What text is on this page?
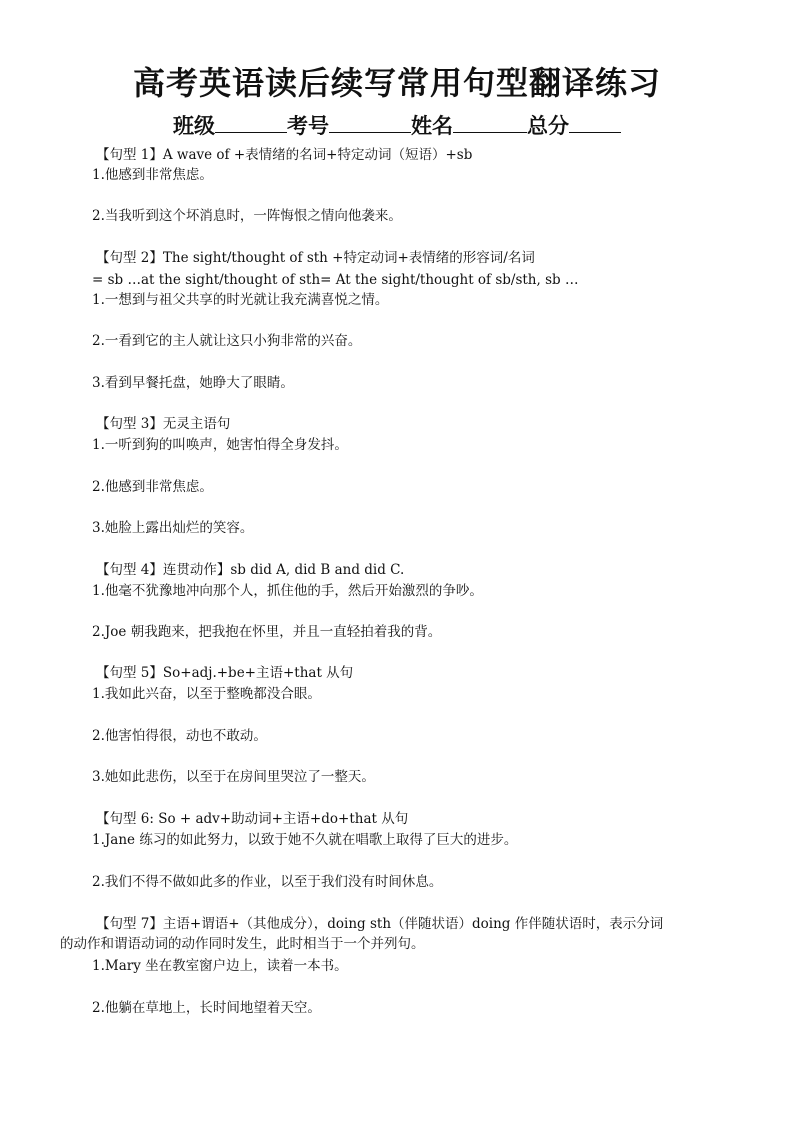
高考英语读后续写常用句型翻译练习
班级	考号	姓名	总分
【句型 1】A wave of +表情绪的名词+特定动词（短语）+sb
1.他感到非常焦虑。
2.当我听到这个坏消息时，一阵悔恨之情向他袭来。
【句型 2】The sight/thought of sth +特定动词+表情绪的形容词/名词
= sb …at the sight/thought of sth= At the sight/thought of sb/sth, sb …
1.一想到与祖父共享的时光就让我充满喜悦之情。
2.一看到它的主人就让这只小狗非常的兴奋。
3.看到早餐托盘，她睁大了眼睛。
【句型 3】无灵主语句
1.一听到狗的叫唤声，她害怕得全身发抖。
2.他感到非常焦虑。
3.她脸上露出灿烂的笑容。
【句型 4】连贯动作】sb did A, did B and did C.
1.他毫不犹豫地冲向那个人，抓住他的手，然后开始激烈的争吵。
2.Joe 朝我跑来，把我抱在怀里，并且一直轻拍着我的背。
【句型 5】So+adj.+be+主语+that 从句
1.我如此兴奋，以至于整晚都没合眼。
2.他害怕得很，动也不敢动。
3.她如此悲伤，以至于在房间里哭泣了一整天。
【句型 6: So + adv+助动词+主语+do+that 从句
1.Jane 练习的如此努力，以致于她不久就在唱歌上取得了巨大的进步。
2.我们不得不做如此多的作业，以至于我们没有时间休息。
【句型 7】主语+谓语+（其他成分），doing sth（伴随状语）doing 作伴随状语时，表示分词
的动作和谓语动词的动作同时发生，此时相当于一个并列句。
1.Mary 坐在教室窗户边上，读着一本书。
2.他躺在草地上，长时间地望着天空。
